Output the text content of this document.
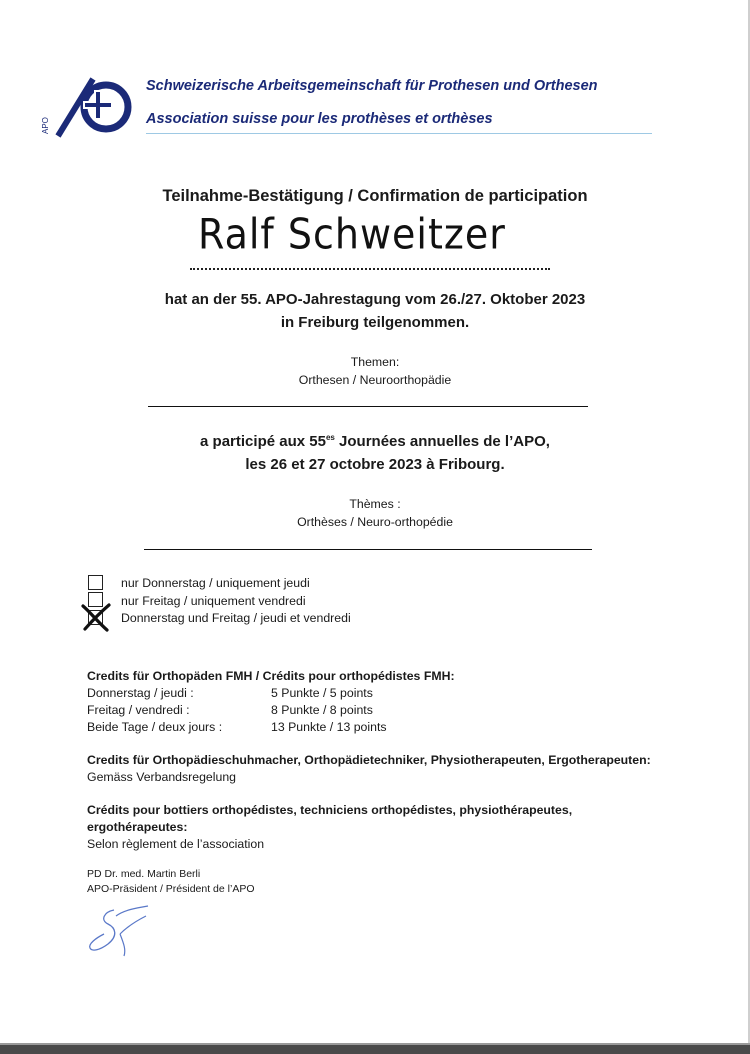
APO
Schweizerische Arbeitsgemeinschaft für Prothesen und Orthesen
Association suisse pour les prothèses et orthèses
Teilnahme-Bestätigung / Confirmation de participation
Ralf Schweitzer
hat an der 55. APO-Jahrestagung vom 26./27. Oktober 2023
in Freiburg teilgenommen.
Themen:
Orthesen / Neuroorthopädie
a participé aux $55^{es}$ Journées annuelles de l’APO,
les 26 et 27 octobre 2023 à Fribourg.
Thèmes :
Orthèses / Neuro-orthopédie
nur Donnerstag / uniquement jeudi
nur Freitag / uniquement vendredi
Donnerstag und Freitag / jeudi et vendredi
Credits für Orthopäden FMH / Crédits pour orthopédistes FMH:
Donnerstag / jeudi :	5 Punkte / 5 points
Freitag / vendredi :	8 Punkte / 8 points
Beide Tage / deux jours :	13 Punkte / 13 points
Credits für Orthopädieschuhmacher, Orthopädietechniker, Physiotherapeuten, Ergotherapeuten:
Gemäss Verbandsregelung
Crédits pour bottiers orthopédistes, techniciens orthopédistes, physiothérapeutes,
ergothérapeutes:
Selon règlement de l’association
PD Dr. med. Martin Berli
APO-Präsident / Président de l’APO
